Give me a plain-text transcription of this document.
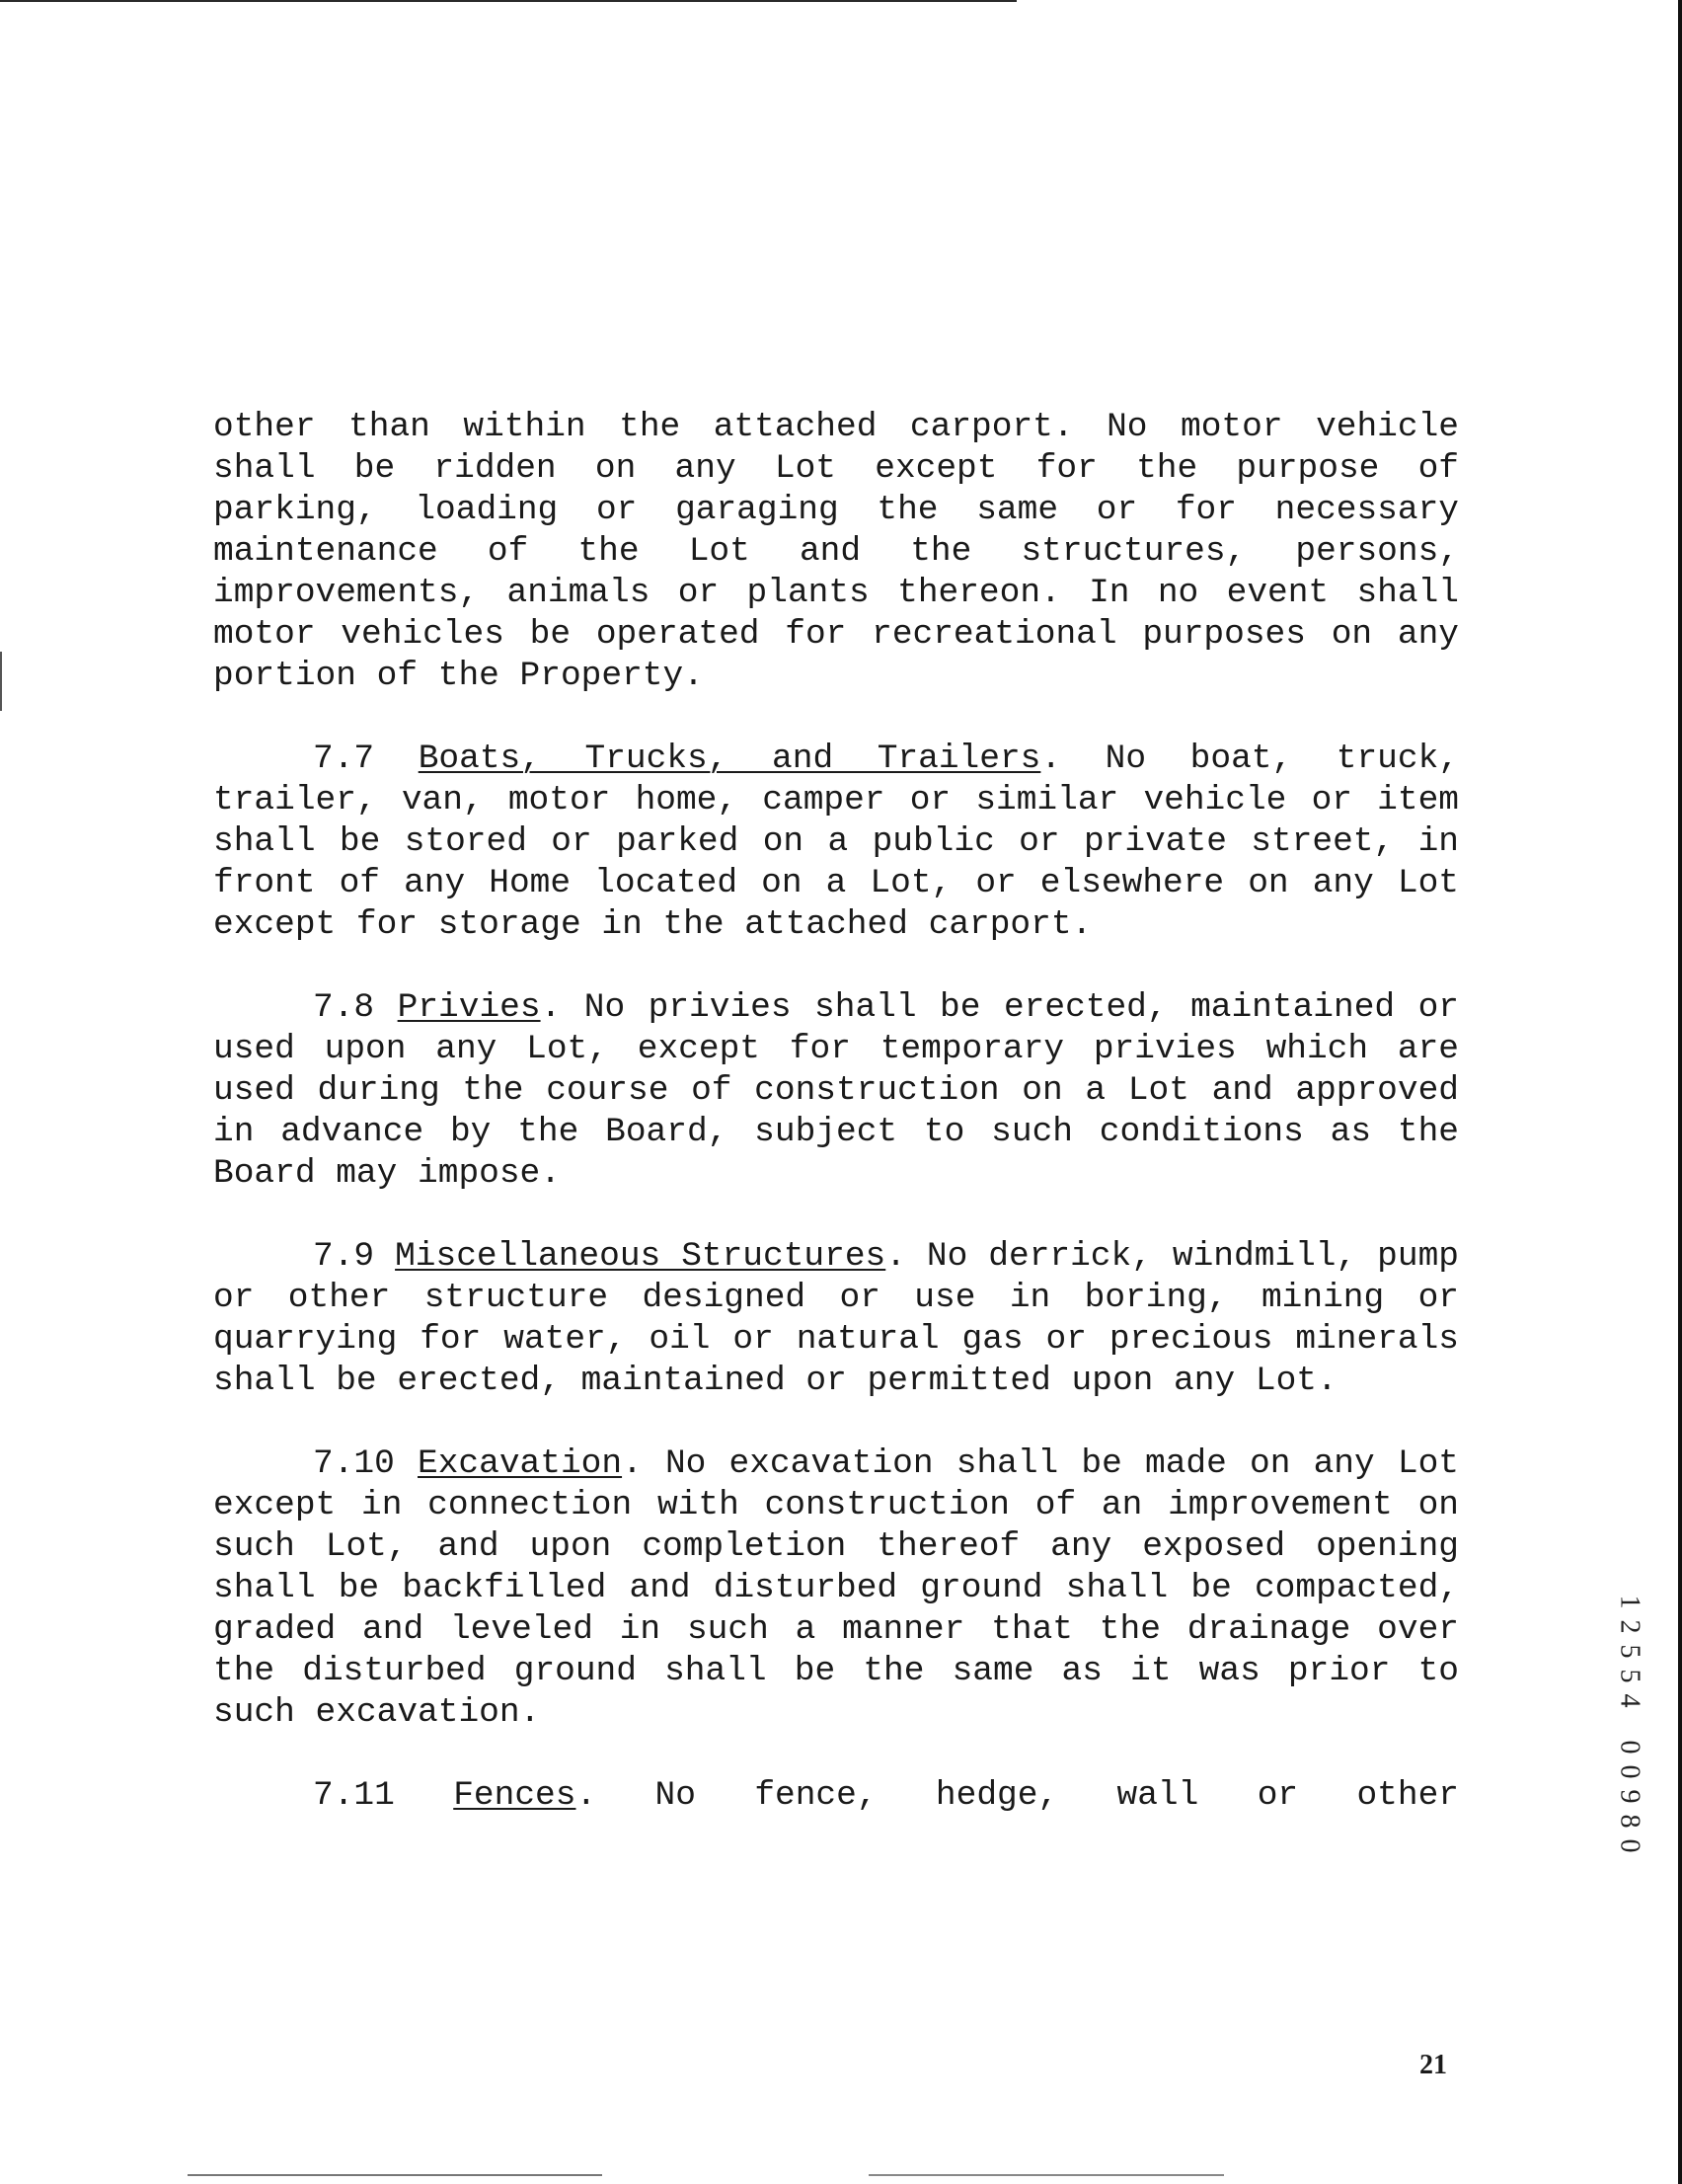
other than within the attached carport. No motor vehicle shall be ridden on any Lot except for the purpose of parking, loading or garaging the same or for necessary maintenance of the Lot and the structures, persons, improvements, animals or plants thereon. In no event shall motor vehicles be operated for recreational purposes on any portion of the Property.

7.7 Boats, Trucks, and Trailers. No boat, truck, trailer, van, motor home, camper or similar vehicle or item shall be stored or parked on a public or private street, in front of any Home located on a Lot, or elsewhere on any Lot except for storage in the attached carport.

7.8 Privies. No privies shall be erected, maintained or used upon any Lot, except for temporary privies which are used during the course of construction on a Lot and approved in advance by the Board, subject to such conditions as the Board may impose.

7.9 Miscellaneous Structures. No derrick, windmill, pump or other structure designed or use in boring, mining or quarrying for water, oil or natural gas or precious minerals shall be erected, maintained or permitted upon any Lot.

7.10 Excavation. No excavation shall be made on any Lot except in connection with construction of an improvement on such Lot, and upon completion thereof any exposed opening shall be backfilled and disturbed ground shall be compacted, graded and leveled in such a manner that the drainage over the disturbed ground shall be the same as it was prior to such excavation.

7.11 Fences. No fence, hedge, wall or other

1
2
5
5
4
0
0
9
8
0
21
